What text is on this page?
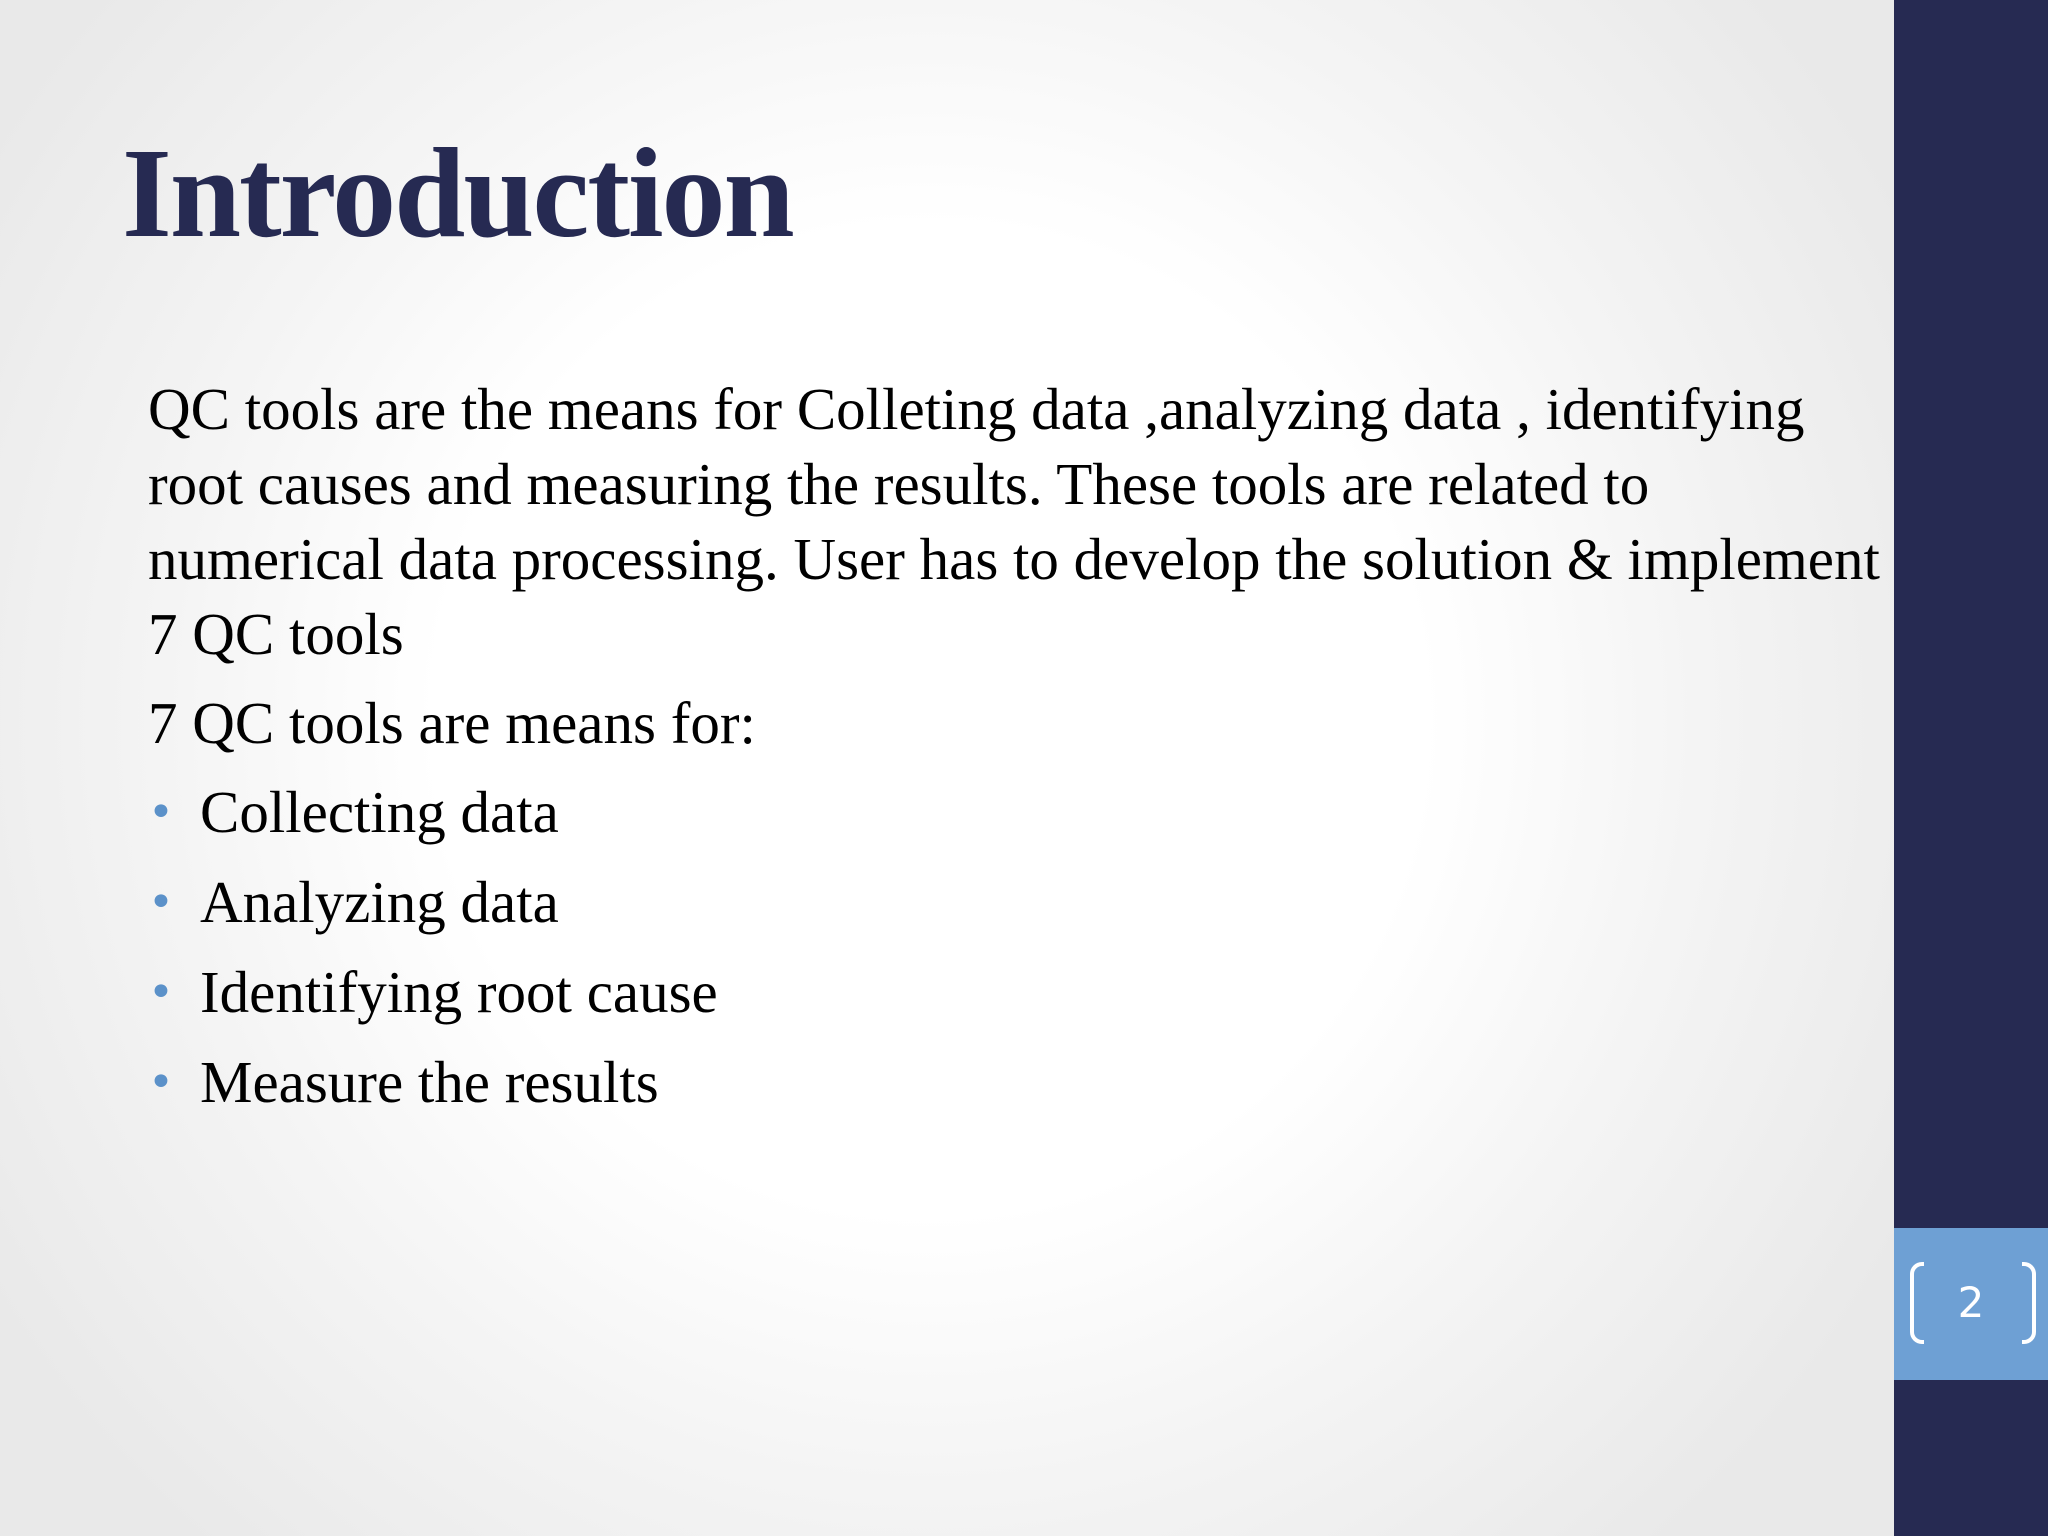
Introduction

QC tools are the means for Colleting data ,analyzing data , identifying root causes and measuring the results. These tools are related to numerical data processing. User has to develop the solution & implement 7 QC tools

7 QC tools are means for:

• Collecting data
• Analyzing data
• Identifying root cause
• Measure the results
2
